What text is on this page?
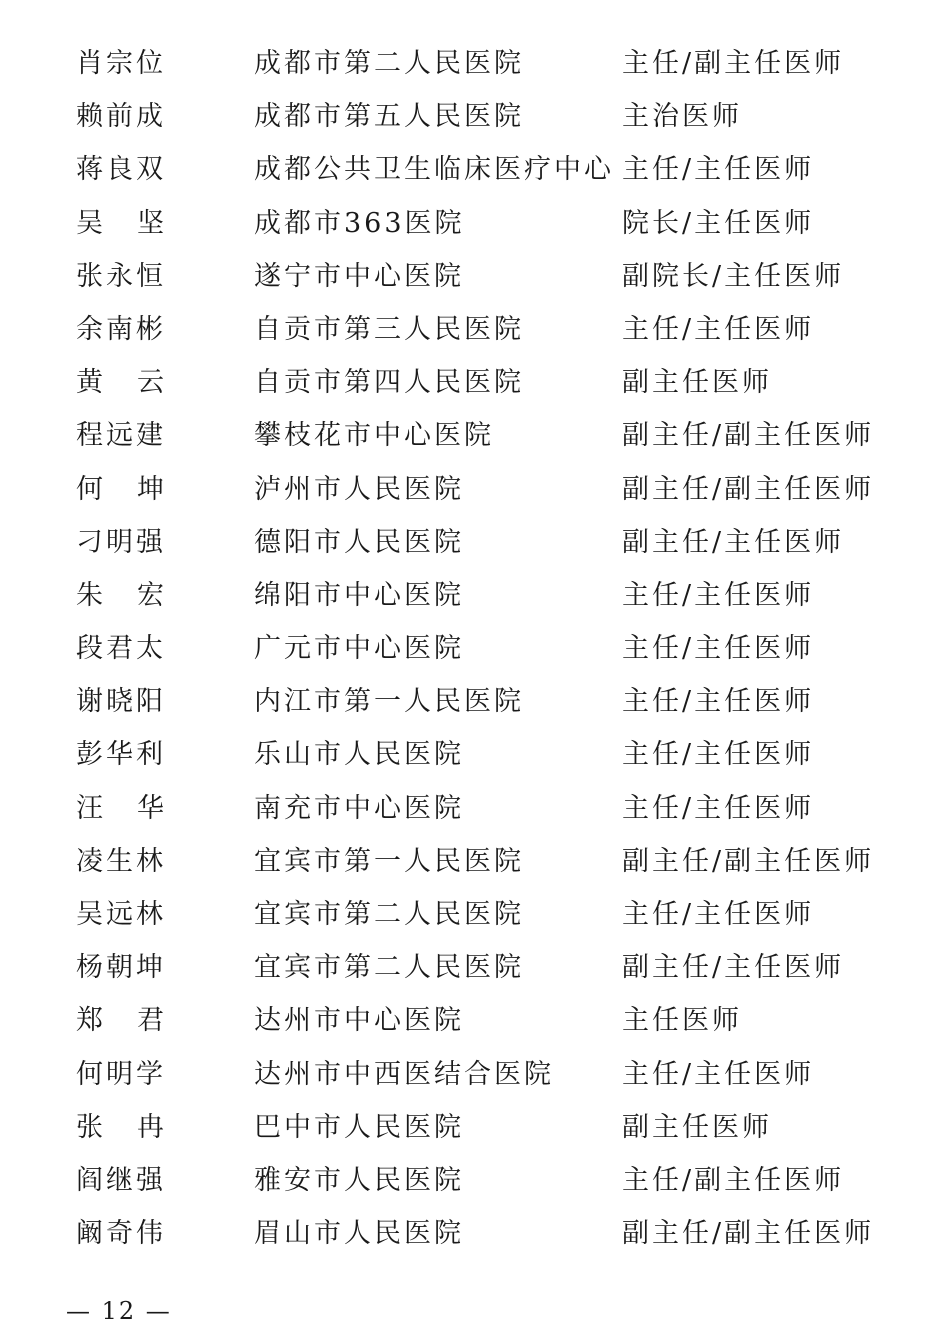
肖宗位	成都市第二人民医院	主任/副主任医师
赖前成	成都市第五人民医院	主治医师
蒋良双	成都公共卫生临床医疗中心 主任/主任医师
吴坚 成都市363医院	院长/主任医师
张永恒	遂宁市中心医院	副院长/主任医师
余南彬	自贡市第三人民医院	主任/主任医师
黄云 自贡市第四人民医院	副主任医师
程远建	攀枝花市中心医院	副主任/副主任医师
何坤 泸州市人民医院	副主任/副主任医师
刁明强	德阳市人民医院	副主任/主任医师
朱宏 绵阳市中心医院	主任/主任医师
段君太	广元市中心医院	主任/主任医师
谢晓阳	内江市第一人民医院	主任/主任医师
彭华利	乐山市人民医院	主任/主任医师
汪华 南充市中心医院	主任/主任医师
凌生林	宜宾市第一人民医院	副主任/副主任医师
吴远林	宜宾市第二人民医院	主任/主任医师
杨朝坤	宜宾市第二人民医院	副主任/主任医师
郑君 达州市中心医院	主任医师
何明学	达州市中西医结合医院	主任/主任医师
张冉 巴中市人民医院	副主任医师
阎继强	雅安市人民医院	主任/副主任医师
阚奇伟	眉山市人民医院	副主任/副主任医师
— 12 —
